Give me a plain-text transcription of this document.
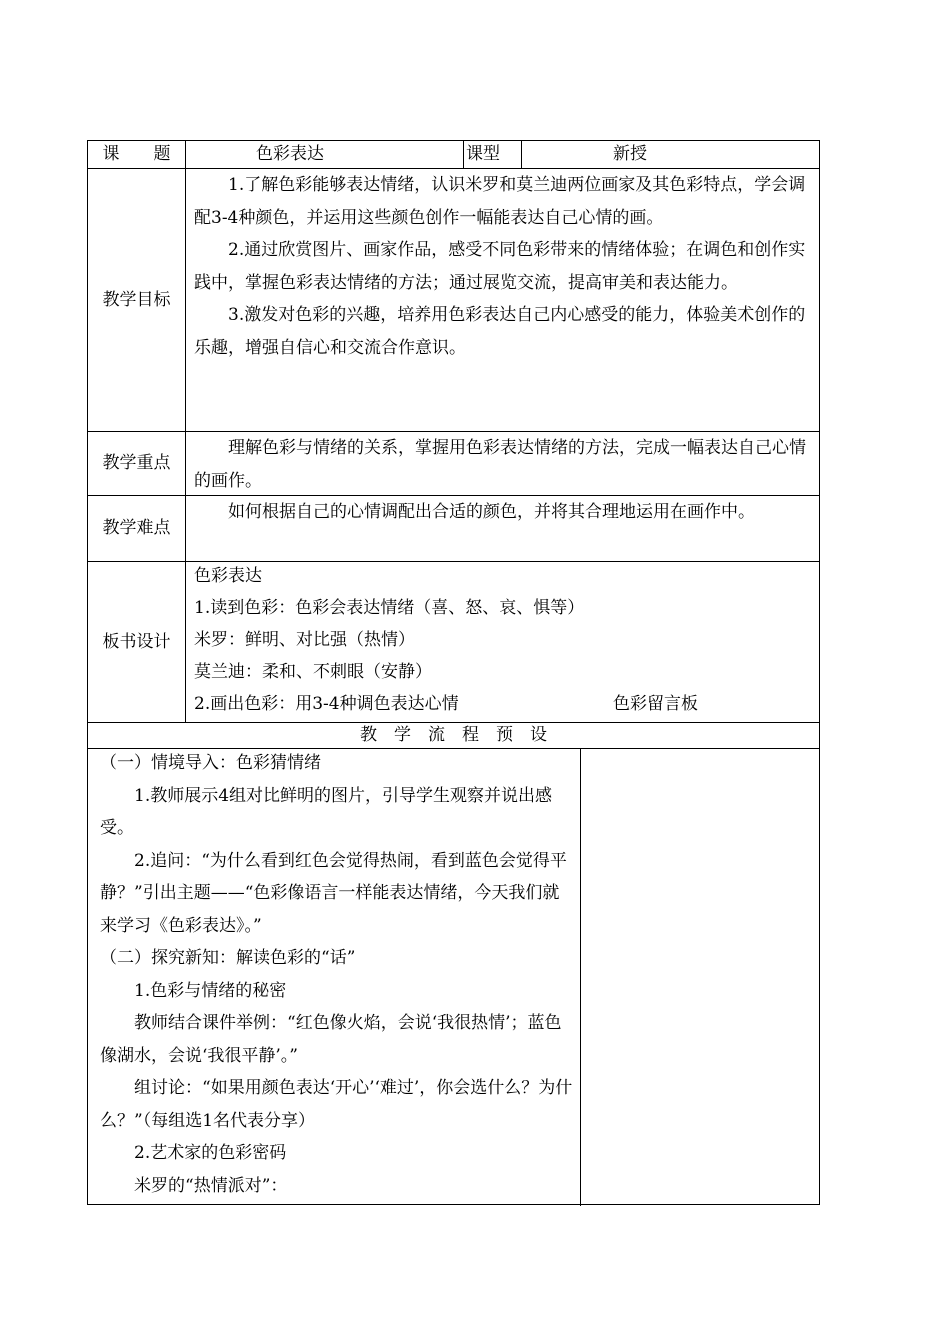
课　　题	色彩表达	课型	新授
教学目标

1.了解色彩能够表达情绪，认识米罗和莫兰迪两位画家及其色彩特点，学会调配3-4种颜色，并运用这些颜色创作一幅能表达自己心情的画。

2.通过欣赏图片、画家作品，感受不同色彩带来的情绪体验；在调色和创作实践中，掌握色彩表达情绪的方法；通过展览交流，提高审美和表达能力。

3.激发对色彩的兴趣，培养用色彩表达自己内心感受的能力，体验美术创作的乐趣，增强自信心和交流合作意识。

教学重点

理解色彩与情绪的关系，掌握用色彩表达情绪的方法，完成一幅表达自己心情的画作。

教学难点

如何根据自己的心情调配出合适的颜色，并将其合理地运用在画作中。

板书设计

色彩表达

1.读到色彩：色彩会表达情绪（喜、怒、哀、惧等）

米罗：鲜明、对比强（热情）

莫兰迪：柔和、不刺眼（安静）

2.画出色彩：用3-4种调色表达心情	色彩留言板
教　学　流　程　预　设

（一）情境导入：色彩猜情绪

1.教师展示4组对比鲜明的图片，引导学生观察并说出感受。

2.追问：“为什么看到红色会觉得热闹，看到蓝色会觉得平静？”引出主题——“色彩像语言一样能表达情绪，今天我们就来学习《色彩表达》。”

（二）探究新知：解读色彩的“话”

1.色彩与情绪的秘密

教师结合课件举例：“红色像火焰，会说‘我很热情’；蓝色像湖水，会说‘我很平静’。”

组讨论：“如果用颜色表达‘开心’‘难过’，你会选什么？为什么？”（每组选1名代表分享）

2.艺术家的色彩密码

米罗的“热情派对”：
